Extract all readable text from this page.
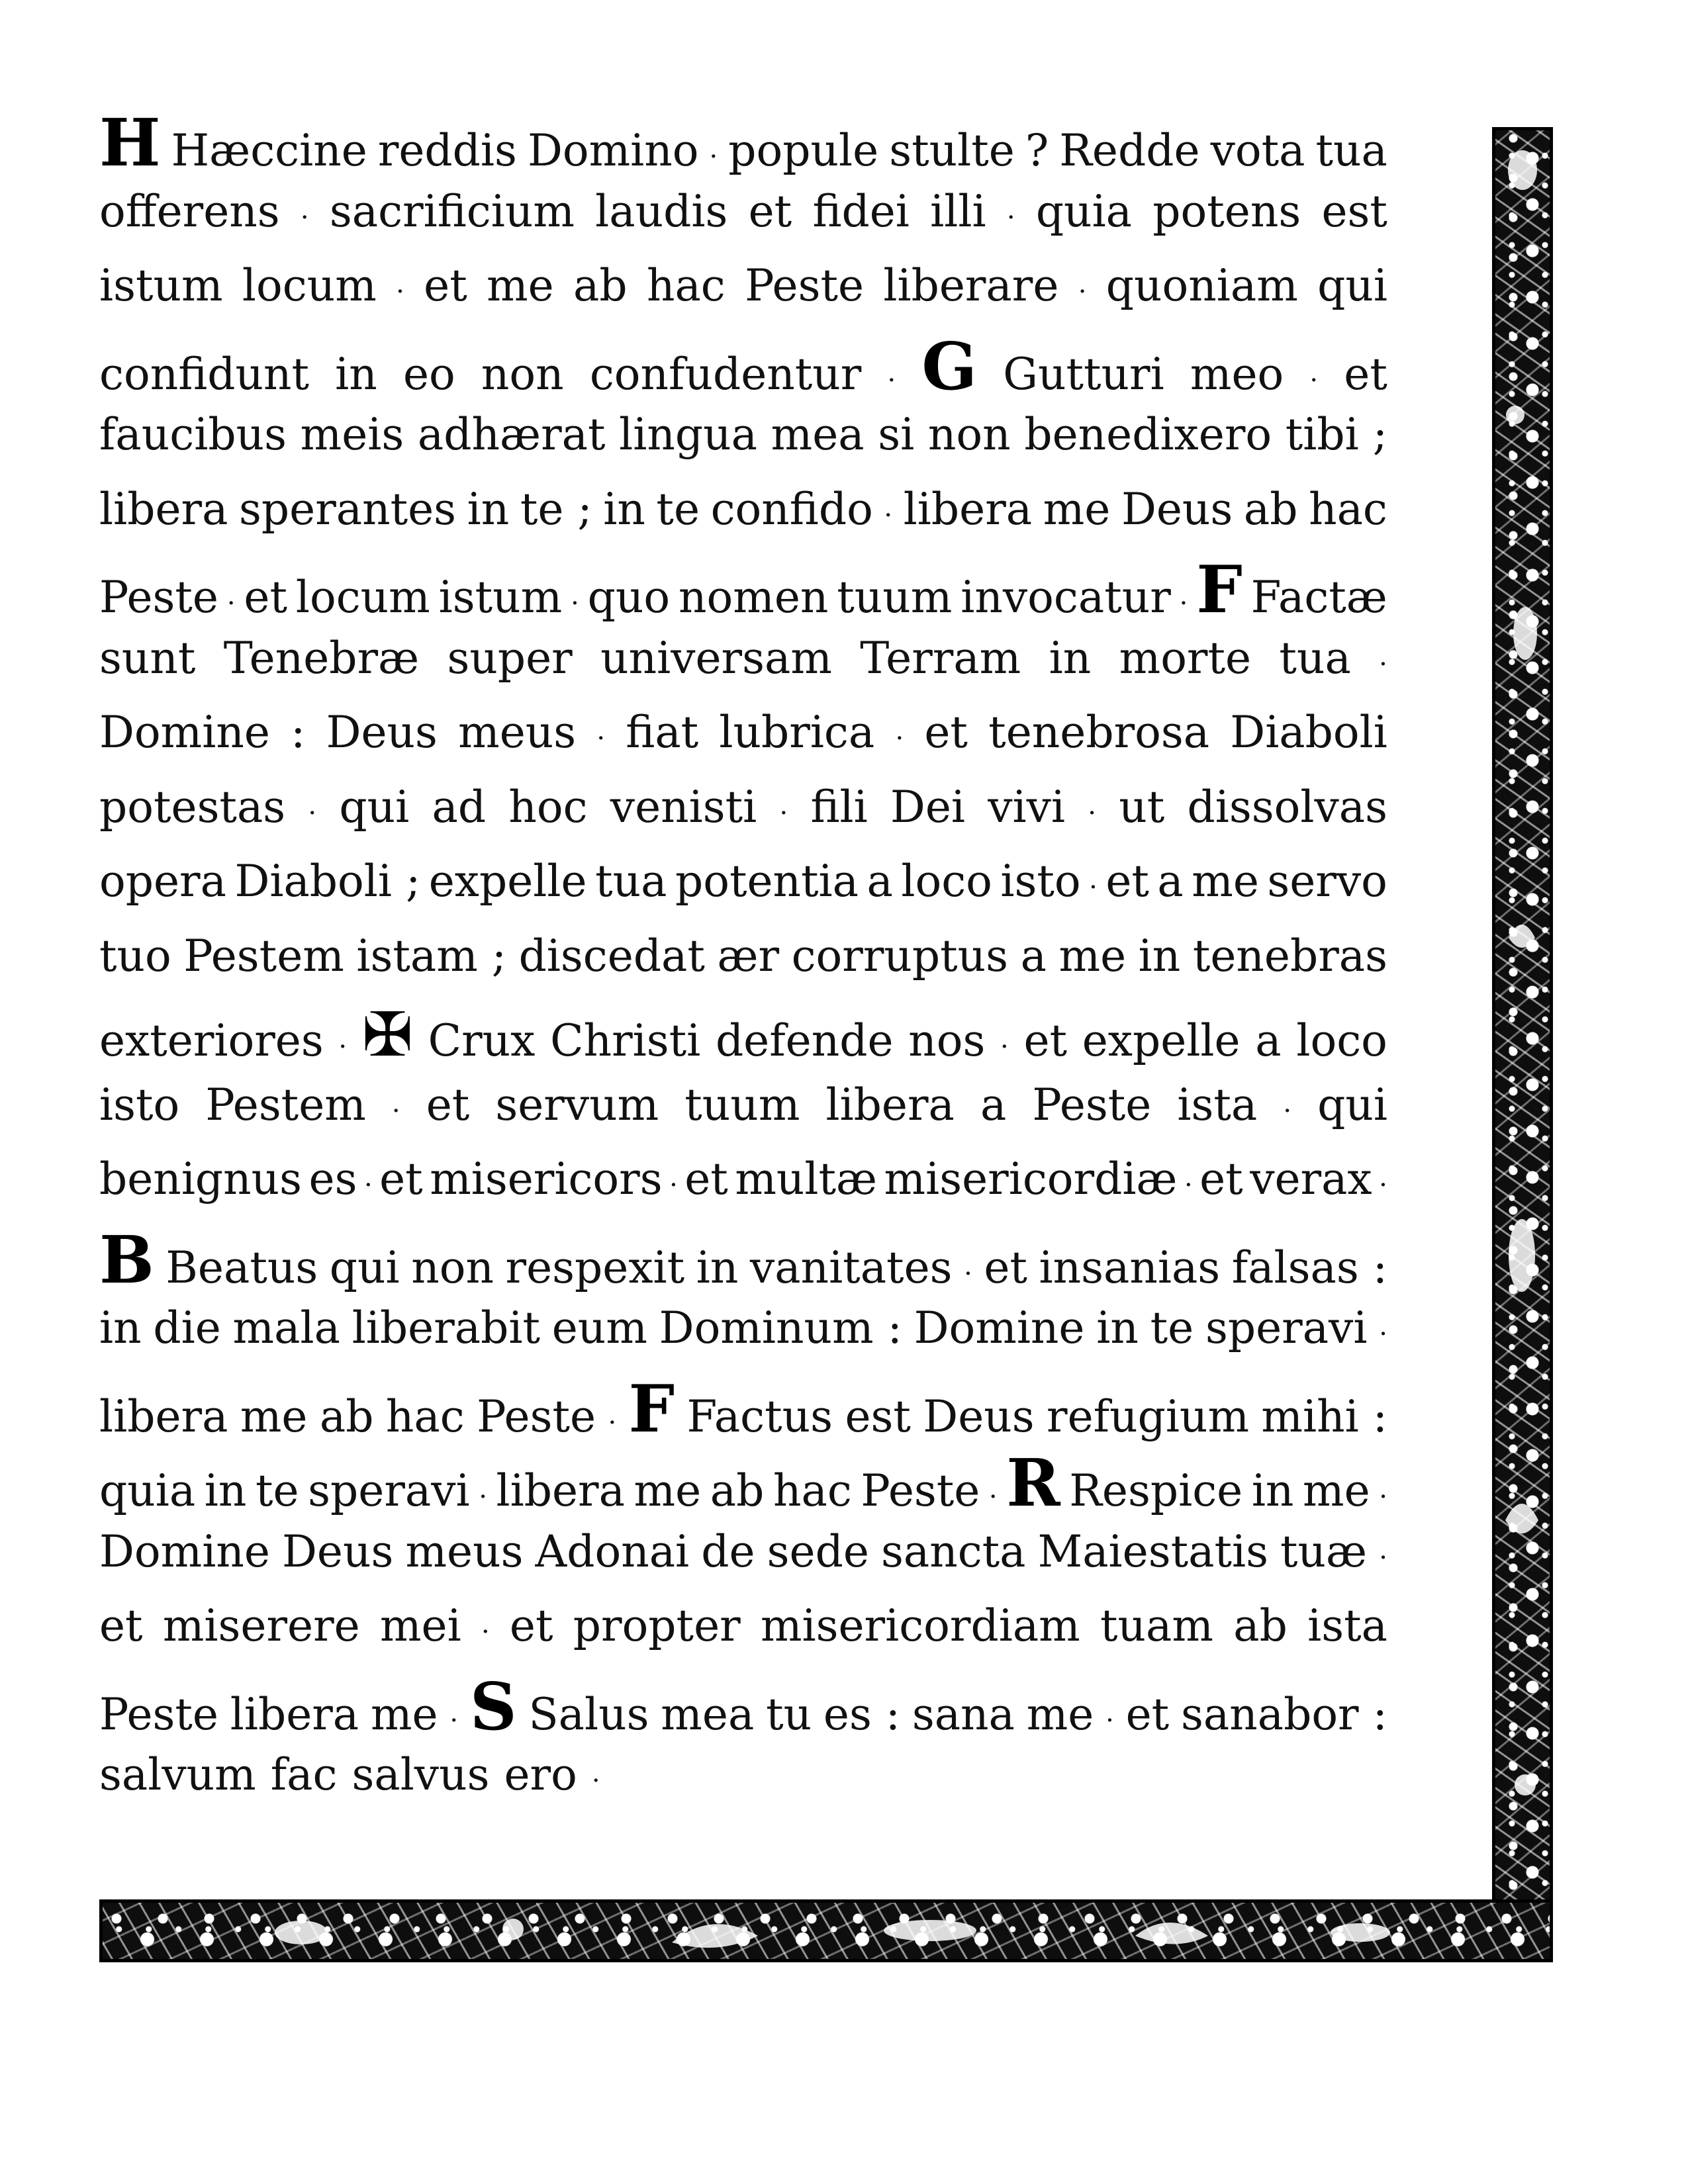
H Hæccine reddis Domino · popule stulte ? Redde vota tua
offerens · sacrificium laudis et fidei illi · quia potens est
istum locum · et me ab hac Peste liberare · quoniam qui
confidunt in eo non confudentur · G Gutturi meo · et
faucibus meis adhærat lingua mea si non benedixero tibi ;
libera sperantes in te ; in te confido · libera me Deus ab hac
Peste · et locum istum · quo nomen tuum invocatur · F Factæ
sunt Tenebræ super universam Terram in morte tua ·
Domine : Deus meus · fiat lubrica · et tenebrosa Diaboli
potestas · qui ad hoc venisti · fili Dei vivi · ut dissolvas
opera Diaboli ; expelle tua potentia a loco isto · et a me servo
tuo Pestem istam ; discedat ær corruptus a me in tenebras
exteriores · ✠ Crux Christi defende nos · et expelle a loco
isto Pestem · et servum tuum libera a Peste ista · qui
benignus es · et misericors · et multæ misericordiæ · et verax ·
B Beatus qui non respexit in vanitates · et insanias falsas :
in die mala liberabit eum Dominum : Domine in te speravi ·
libera me ab hac Peste · F Factus est Deus refugium mihi :
quia in te speravi · libera me ab hac Peste · R Respice in me ·
Domine Deus meus Adonai de sede sancta Maiestatis tuæ ·
et miserere mei · et propter misericordiam tuam ab ista
Peste libera me · S Salus mea tu es : sana me · et sanabor :
salvum fac salvus ero ·
